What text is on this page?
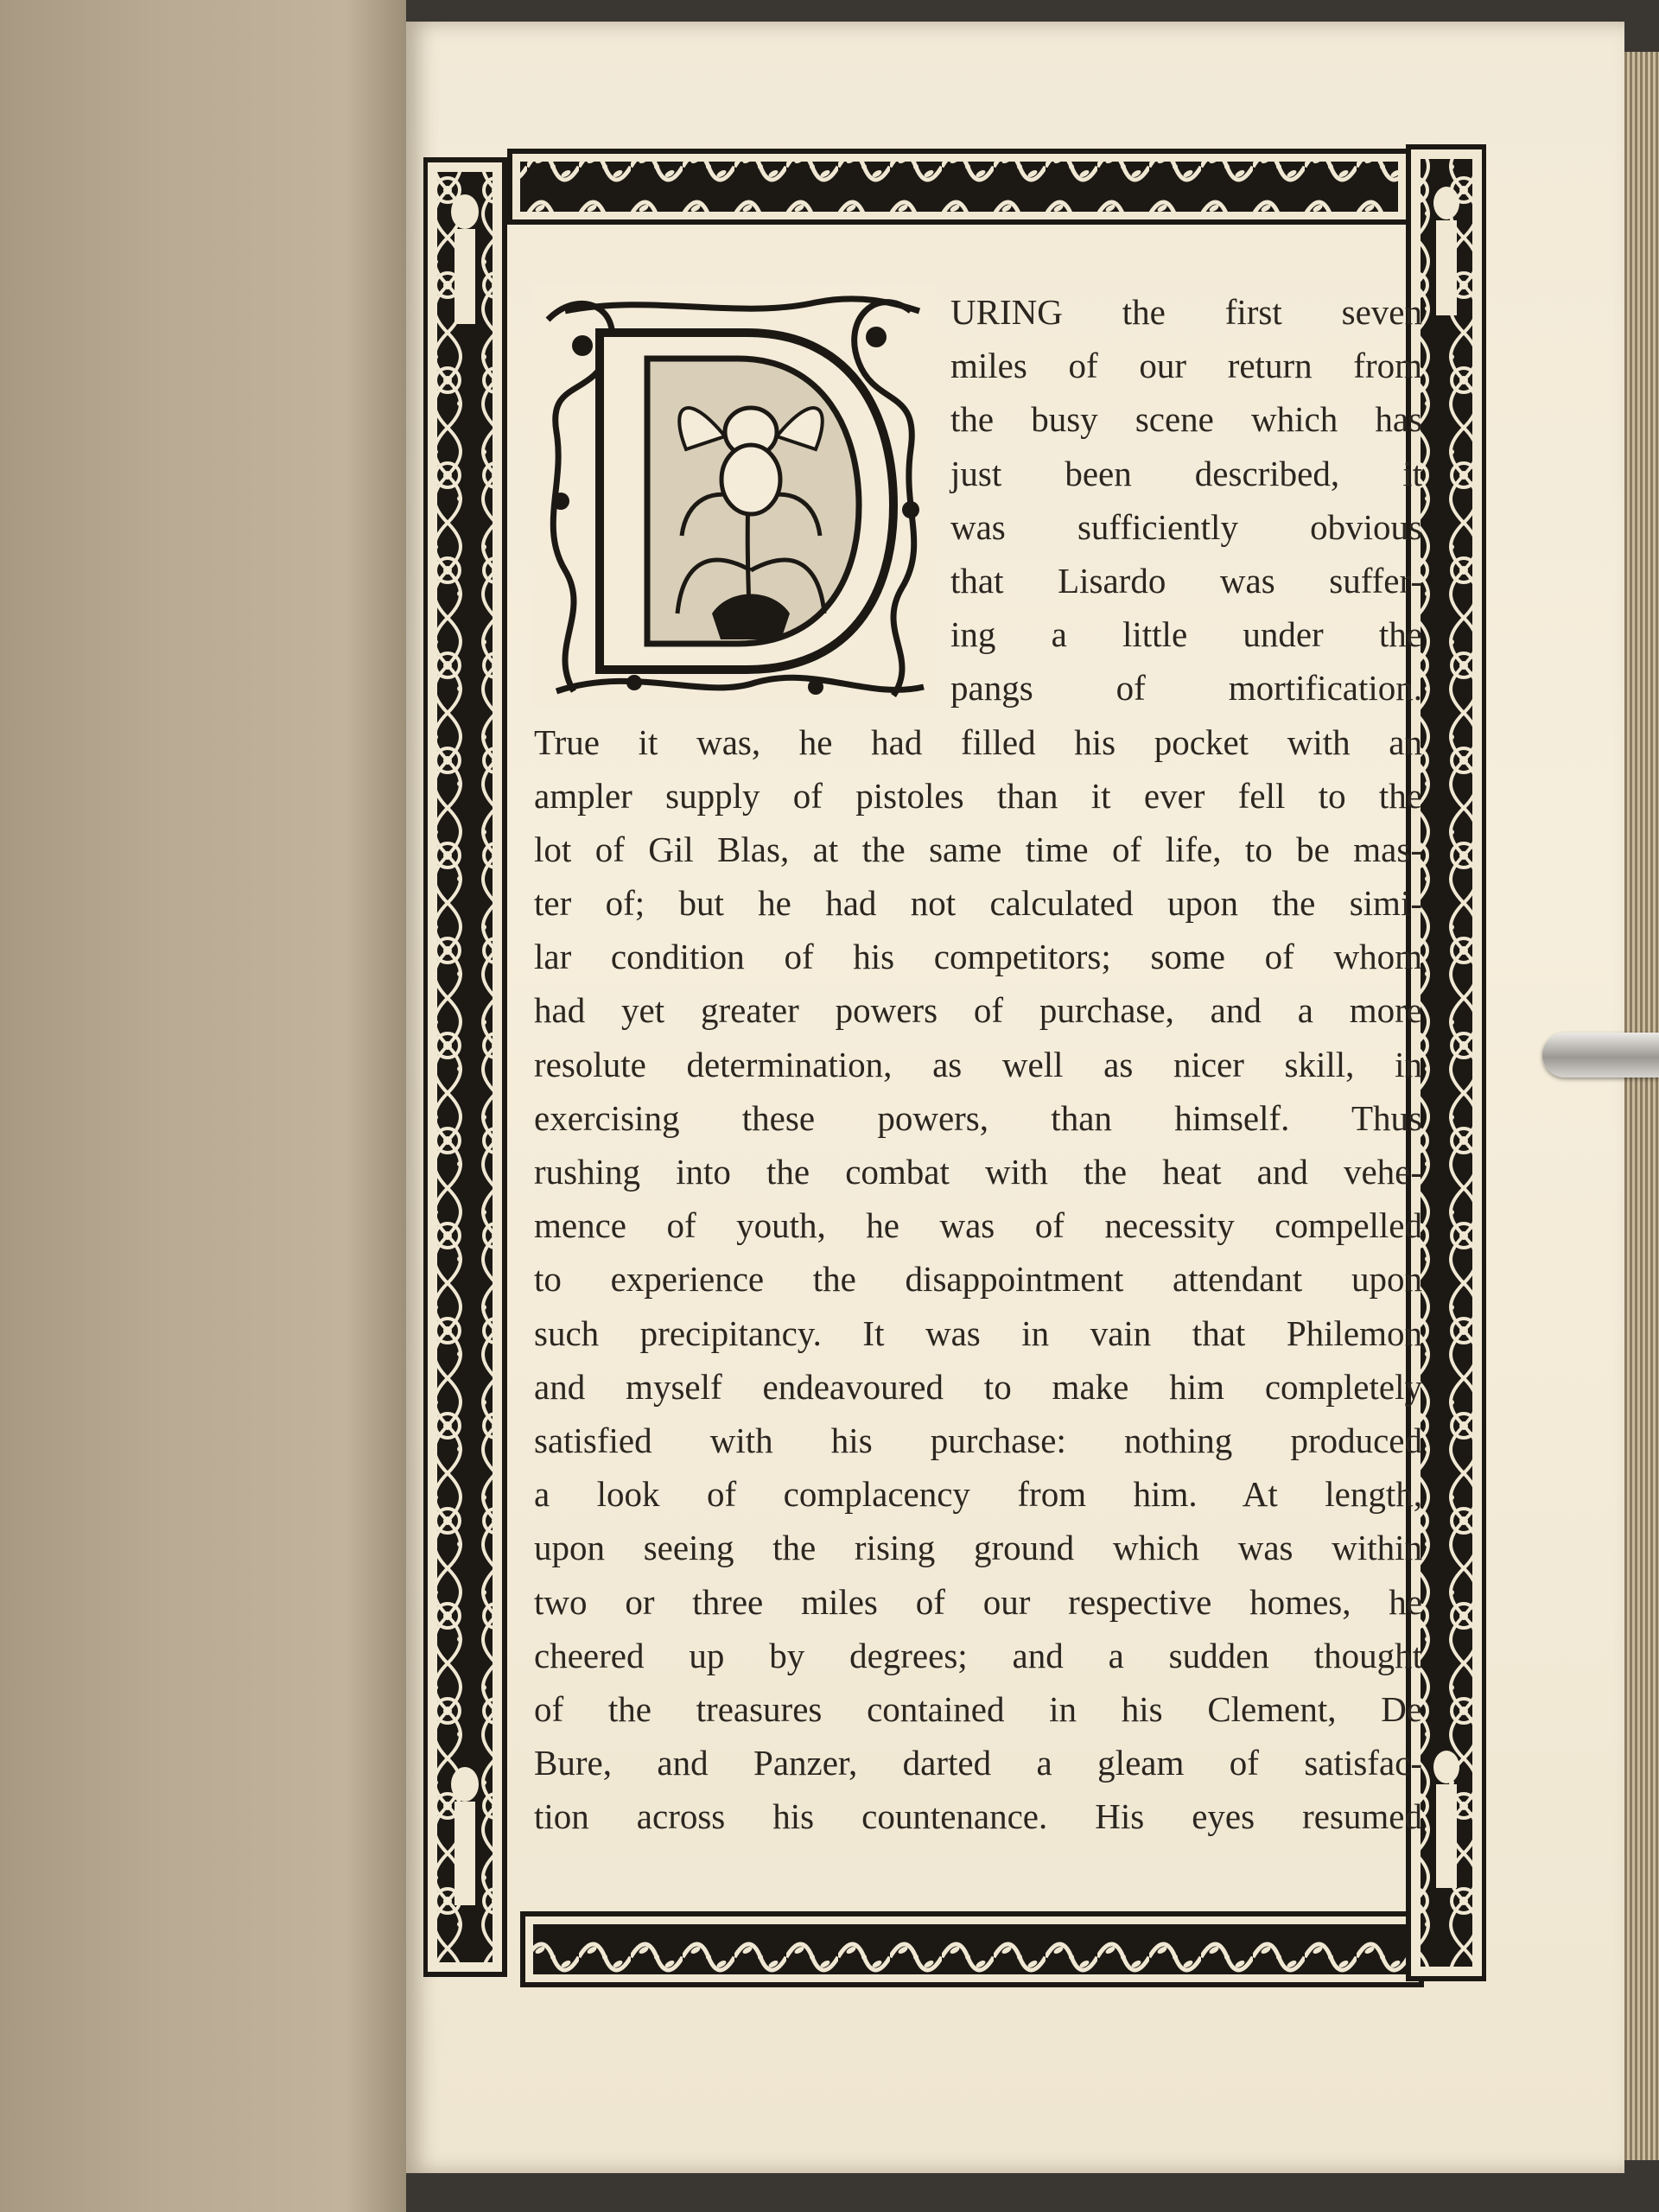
URING the first seven
miles of our return from
the busy scene which has
just been described, it
was sufficiently obvious
that Lisardo was suffer-
ing a little under the
pangs of mortification.
True it was, he had filled his pocket with an
ampler supply of pistoles than it ever fell to the
lot of Gil Blas, at the same time of life, to be mas-
ter of; but he had not calculated upon the simi-
lar condition of his competitors; some of whom
had yet greater powers of purchase, and a more
resolute determination, as well as nicer skill, in
exercising these powers, than himself. Thus
rushing into the combat with the heat and vehe-
mence of youth, he was of necessity compelled
to experience the disappointment attendant upon
such precipitancy. It was in vain that Philemon
and myself endeavoured to make him completely
satisfied with his purchase: nothing produced
a look of complacency from him. At length,
upon seeing the rising ground which was within
two or three miles of our respective homes, he
cheered up by degrees; and a sudden thought
of the treasures contained in his Clement, De
Bure, and Panzer, darted a gleam of satisfac-
tion across his countenance. His eyes resumed
